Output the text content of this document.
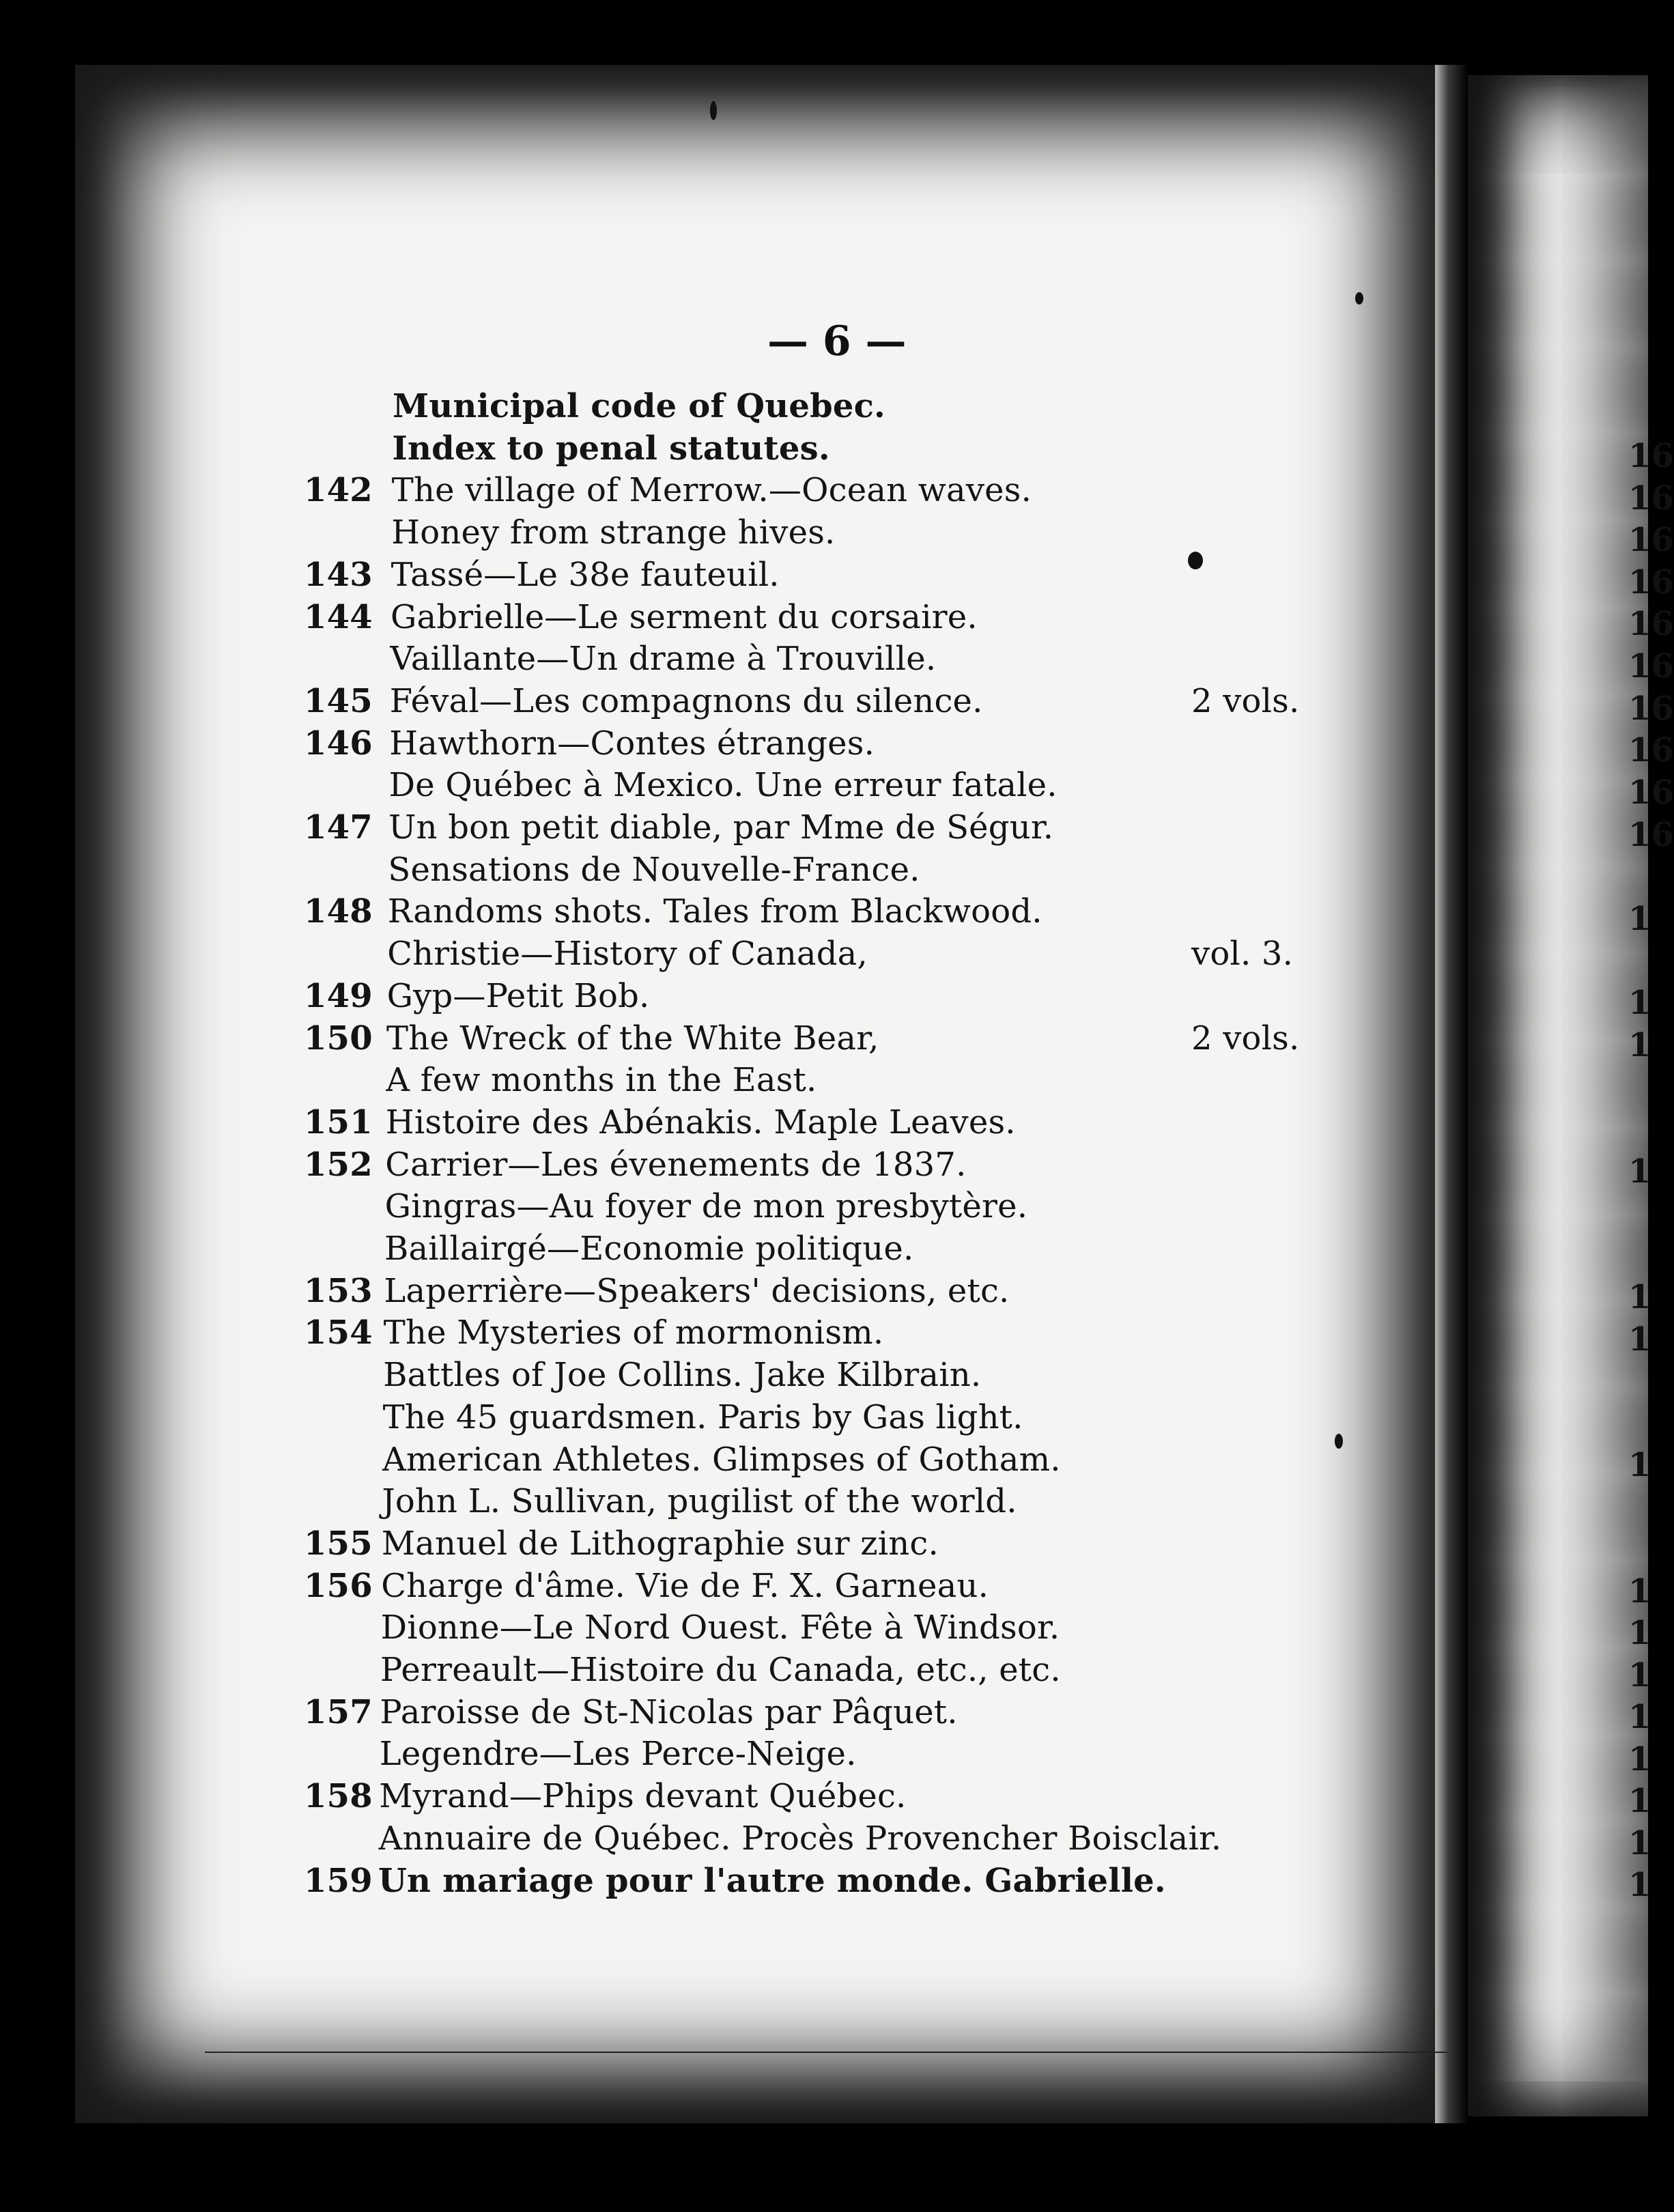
— 6 —
Municipal code of Quebec.
Index to penal statutes.
142 The village of Merrow.—Ocean waves.
Honey from strange hives.
143 Tassé—Le 38e fauteuil.
144 Gabrielle—Le serment du corsaire.
Vaillante—Un drame à Trouville.
145 Féval—Les compagnons du silence.	2 vols.
146 Hawthorn—Contes étranges.
De Québec à Mexico. Une erreur fatale.
147 Un bon petit diable, par Mme de Ségur.
Sensations de Nouvelle-France.
148 Randoms shots. Tales from Blackwood.
Christie—History of Canada,	vol. 3.
149 Gyp—Petit Bob.
150 The Wreck of the White Bear,	2 vols.
A few months in the East.
151 Histoire des Abénakis. Maple Leaves.
152 Carrier—Les évenements de 1837.
Gingras—Au foyer de mon presbytère.
Baillairgé—Economie politique.
153 Laperrière—Speakers' decisions, etc.
154 The Mysteries of mormonism.
Battles of Joe Collins. Jake Kilbrain.
The 45 guardsmen. Paris by Gas light.
American Athletes. Glimpses of Gotham.
John L. Sullivan, pugilist of the world.
155 Manuel de Lithographie sur zinc.
156 Charge d'âme. Vie de F. X. Garneau.
Dionne—Le Nord Ouest. Fête à Windsor.
Perreault—Histoire du Canada, etc., etc.
157 Paroisse de St-Nicolas par Pâquet.
Legendre—Les Perce-Neige.
158 Myrand—Phips devant Québec.
Annuaire de Québec. Procès Provencher Boisclair.
159 Un mariage pour l'autre monde. Gabrielle.
16
16
16
16
16
16
16
16
16
16
1
1
1
1
1
1
1
1
1
1
1
1
1
1
1
